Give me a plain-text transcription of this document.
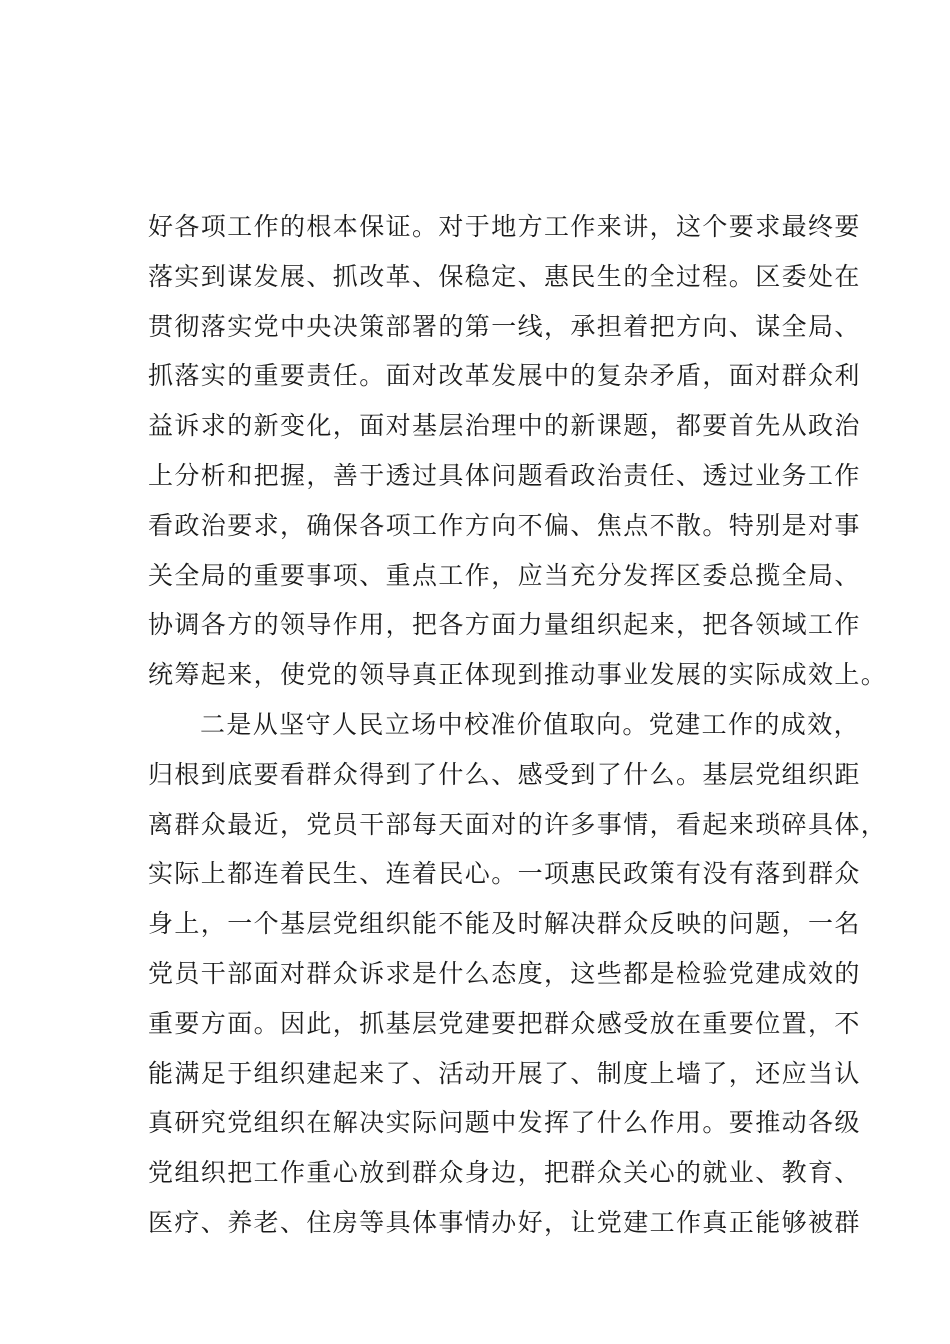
好各项工作的根本保证。对于地方工作来讲，这个要求最终要
落实到谋发展、抓改革、保稳定、惠民生的全过程。区委处在
贯彻落实党中央决策部署的第一线，承担着把方向、谋全局、
抓落实的重要责任。面对改革发展中的复杂矛盾，面对群众利
益诉求的新变化，面对基层治理中的新课题，都要首先从政治
上分析和把握，善于透过具体问题看政治责任、透过业务工作
看政治要求，确保各项工作方向不偏、焦点不散。特别是对事
关全局的重要事项、重点工作，应当充分发挥区委总揽全局、
协调各方的领导作用，把各方面力量组织起来，把各领域工作
统筹起来，使党的领导真正体现到推动事业发展的实际成效上。
二是从坚守人民立场中校准价值取向。党建工作的成效，
归根到底要看群众得到了什么、感受到了什么。基层党组织距
离群众最近，党员干部每天面对的许多事情，看起来琐碎具体，
实际上都连着民生、连着民心。一项惠民政策有没有落到群众
身上，一个基层党组织能不能及时解决群众反映的问题，一名
党员干部面对群众诉求是什么态度，这些都是检验党建成效的
重要方面。因此，抓基层党建要把群众感受放在重要位置，不
能满足于组织建起来了、活动开展了、制度上墙了，还应当认
真研究党组织在解决实际问题中发挥了什么作用。要推动各级
党组织把工作重心放到群众身边，把群众关心的就业、教育、
医疗、养老、住房等具体事情办好，让党建工作真正能够被群
